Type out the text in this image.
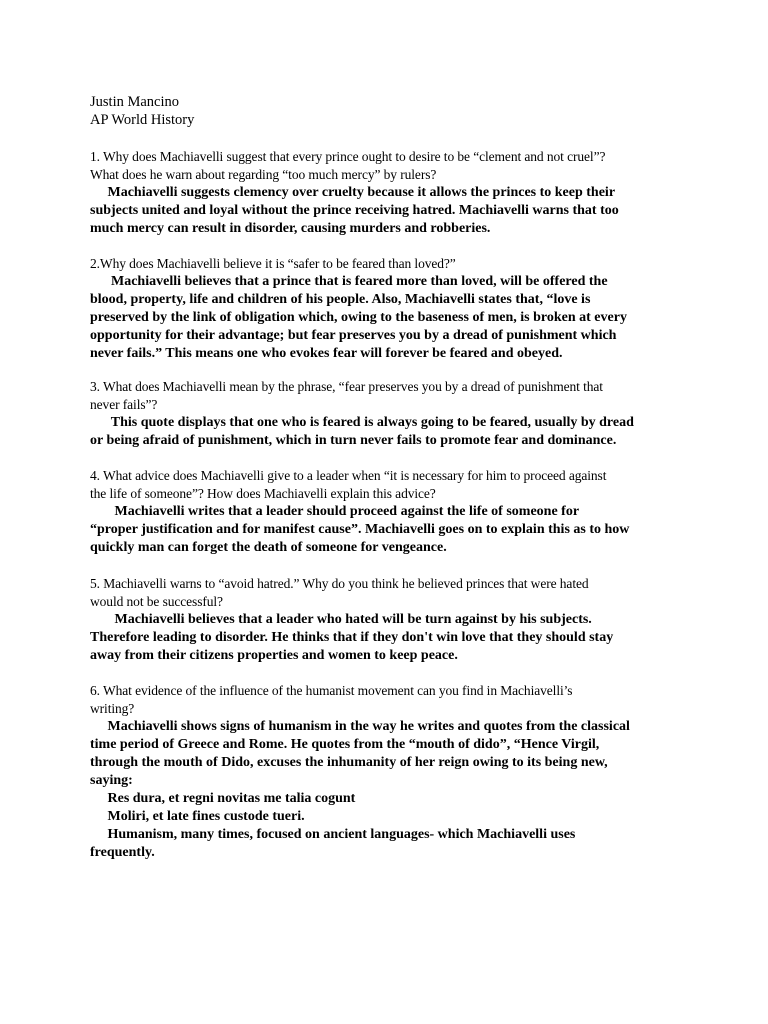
Justin Mancino
AP World History
1. Why does Machiavelli suggest that every prince ought to desire to be “clement and not cruel”?
What does he warn about regarding “too much mercy” by rulers?
Machiavelli suggests clemency over cruelty because it allows the princes to keep their
subjects united and loyal without the prince receiving hatred. Machiavelli warns that too
much mercy can result in disorder, causing murders and robberies.
2.Why does Machiavelli believe it is “safer to be feared than loved?”
Machiavelli believes that a prince that is feared more than loved, will be offered the
blood, property, life and children of his people. Also, Machiavelli states that, “love is
preserved by the link of obligation which, owing to the baseness of men, is broken at every
opportunity for their advantage; but fear preserves you by a dread of punishment which
never fails.” This means one who evokes fear will forever be feared and obeyed.
3. What does Machiavelli mean by the phrase, “fear preserves you by a dread of punishment that
never fails”?
This quote displays that one who is feared is always going to be feared, usually by dread
or being afraid of punishment, which in turn never fails to promote fear and dominance.
4. What advice does Machiavelli give to a leader when “it is necessary for him to proceed against
the life of someone”? How does Machiavelli explain this advice?
Machiavelli writes that a leader should proceed against the life of someone for
“proper justification and for manifest cause”. Machiavelli goes on to explain this as to how
quickly man can forget the death of someone for vengeance.
5. Machiavelli warns to “avoid hatred.” Why do you think he believed princes that were hated
would not be successful?
Machiavelli believes that a leader who hated will be turn against by his subjects.
Therefore leading to disorder. He thinks that if they don't win love that they should stay
away from their citizens properties and women to keep peace.
6. What evidence of the influence of the humanist movement can you find in Machiavelli’s
writing?
Machiavelli shows signs of humanism in the way he writes and quotes from the classical
time period of Greece and Rome. He quotes from the “mouth of dido”, “Hence Virgil,
through the mouth of Dido, excuses the inhumanity of her reign owing to its being new,
saying:
Res dura, et regni novitas me talia cogunt
Moliri, et late fines custode tueri.
Humanism, many times, focused on ancient languages- which Machiavelli uses
frequently.
